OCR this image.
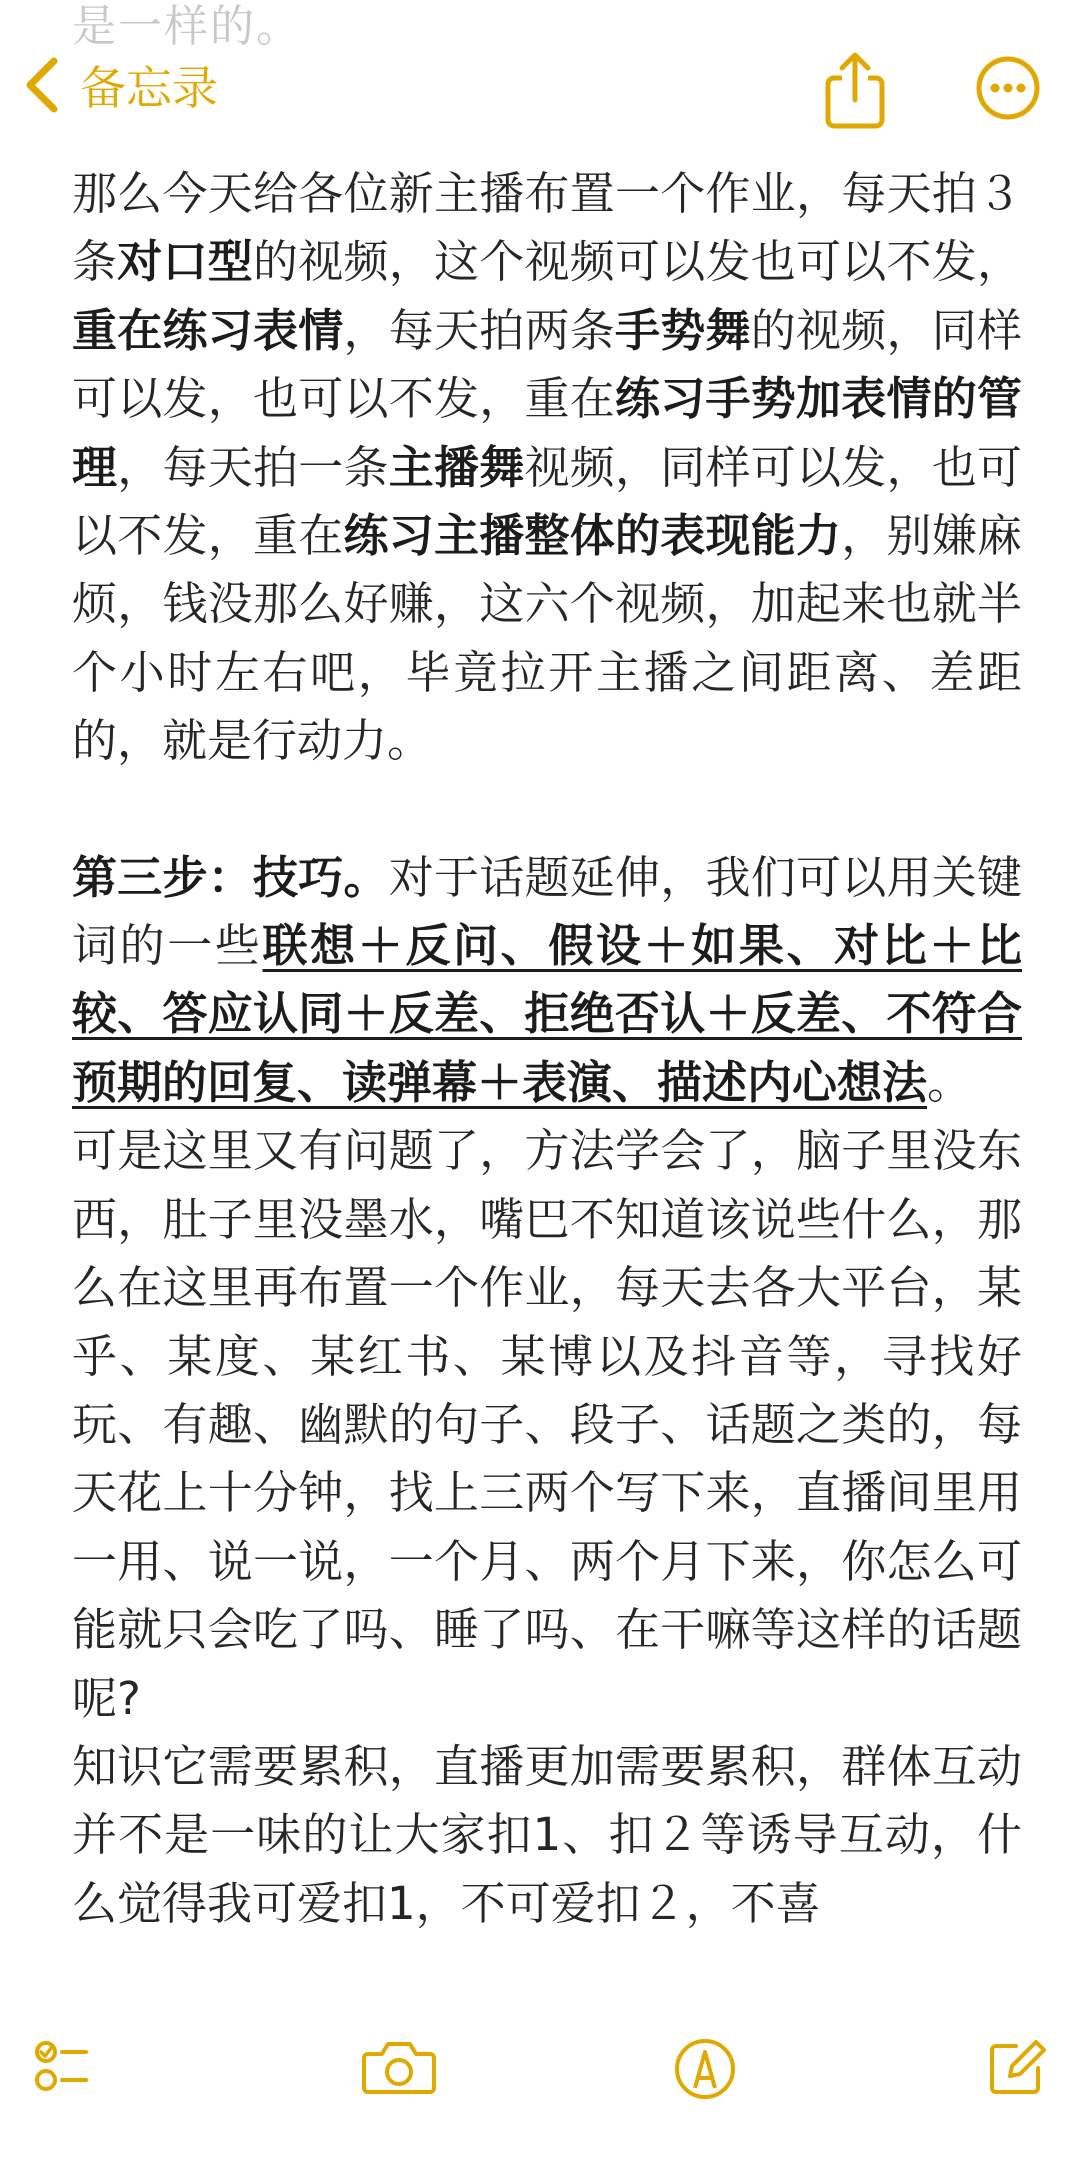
是一样的。
备忘录

那么今天给各位新主播布置一个作业，每天拍３条对口型的视频，这个视频可以发也可以不发，重在练习表情，每天拍两条手势舞的视频，同样可以发，也可以不发，重在练习手势加表情的管理，每天拍一条主播舞视频，同样可以发，也可以不发，重在练习主播整体的表现能力，别嫌麻烦，钱没那么好赚，这六个视频，加起来也就半个小时左右吧，毕竟拉开主播之间距离、差距的，就是行动力。

第三步：技巧。对于话题延伸，我们可以用关键词的一些联想＋反问、假设＋如果、对比＋比较、答应认同＋反差、拒绝否认＋反差、不符合预期的回复、读弹幕＋表演、描述内心想法。

可是这里又有问题了，方法学会了，脑子里没东西，肚子里没墨水，嘴巴不知道该说些什么，那么在这里再布置一个作业，每天去各大平台，某乎、某度、某红书、某博以及抖音等，寻找好玩、有趣、幽默的句子、段子、话题之类的，每天花上十分钟，找上三两个写下来，直播间里用一用、说一说，一个月、两个月下来，你怎么可能就只会吃了吗、睡了吗、在干嘛等这样的话题呢?

知识它需要累积，直播更加需要累积，群体互动并不是一味的让大家扣1、扣２等诱导互动，什么觉得我可爱扣1，不可爱扣２，不喜
